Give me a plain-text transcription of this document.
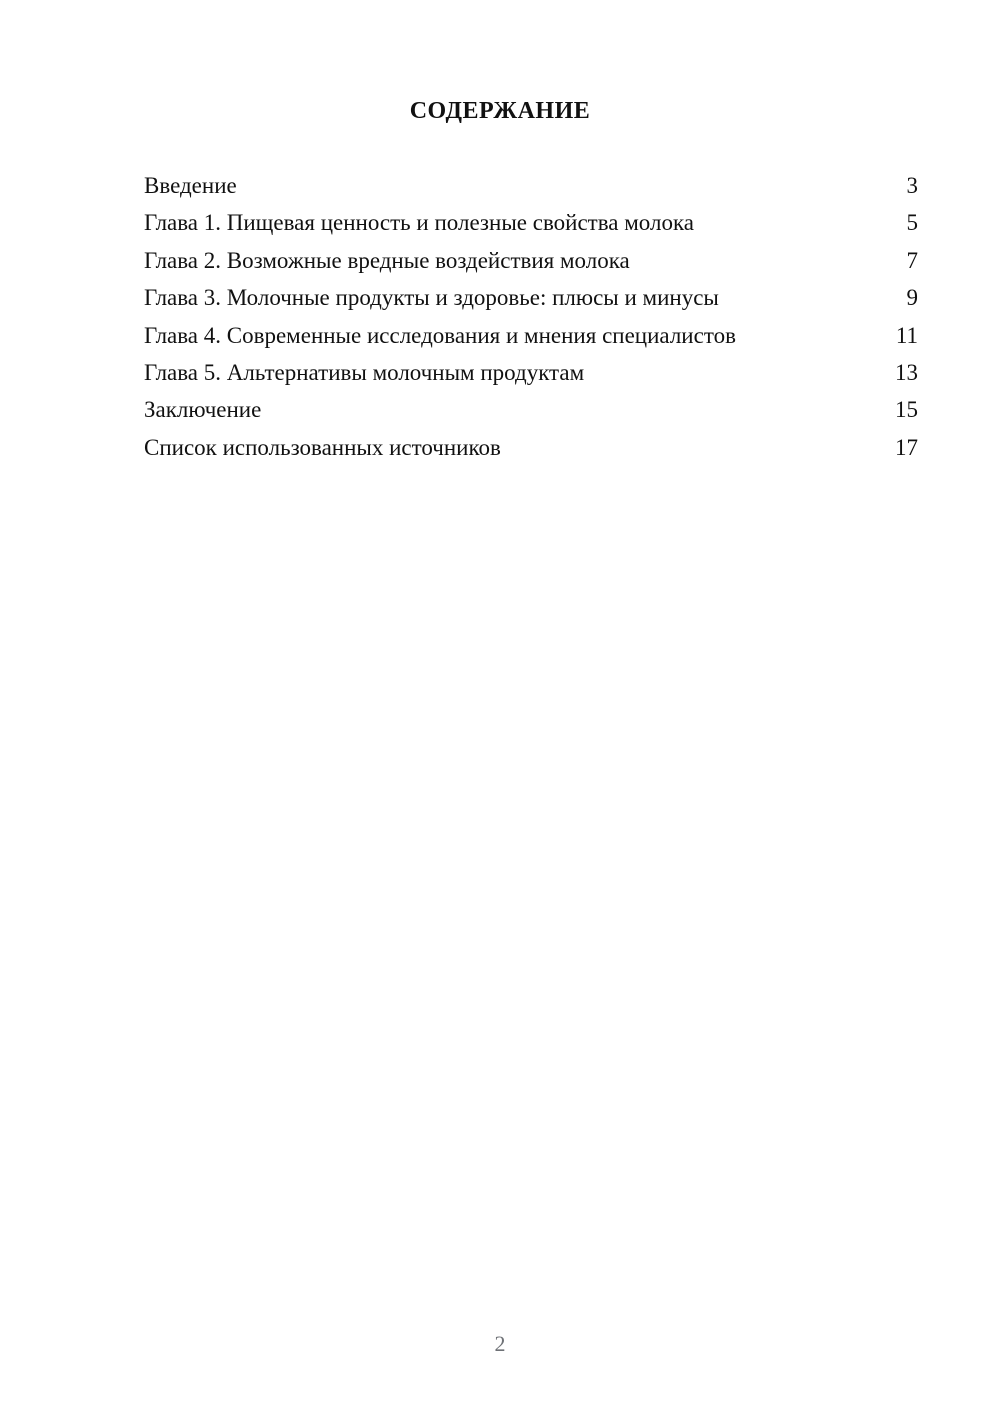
СОДЕРЖАНИЕ
Введение	3
Глава 1. Пищевая ценность и полезные свойства молока	5
Глава 2. Возможные вредные воздействия молока	7
Глава 3. Молочные продукты и здоровье: плюсы и минусы	9
Глава 4. Современные исследования и мнения специалистов	11
Глава 5. Альтернативы молочным продуктам	13
Заключение	15
Список использованных источников	17
2
